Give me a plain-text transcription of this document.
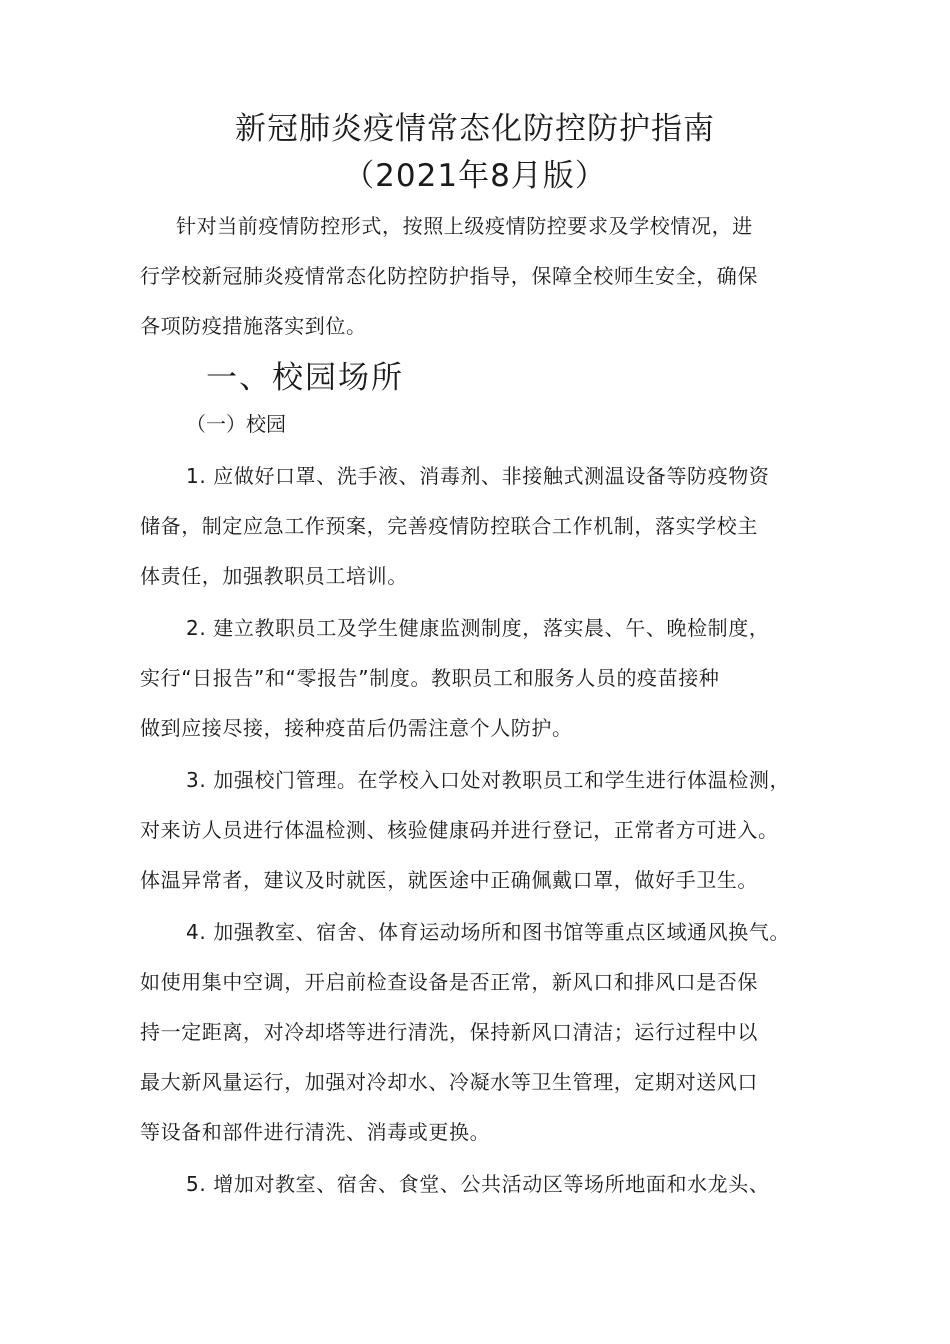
新冠肺炎疫情常态化防控防护指南
（2021年8月版）
针对当前疫情防控形式，按照上级疫情防控要求及学校情况，进
行学校新冠肺炎疫情常态化防控防护指导，保障全校师生安全，确保
各项防疫措施落实到位。
一、校园场所
（一）校园
1. 应做好口罩、洗手液、消毒剂、非接触式测温设备等防疫物资
储备，制定应急工作预案，完善疫情防控联合工作机制，落实学校主
体责任，加强教职员工培训。
2. 建立教职员工及学生健康监测制度，落实晨、午、晚检制度，
实行“日报告”和“零报告”制度。教职员工和服务人员的疫苗接种
做到应接尽接，接种疫苗后仍需注意个人防护。
3. 加强校门管理。在学校入口处对教职员工和学生进行体温检测，
对来访人员进行体温检测、核验健康码并进行登记，正常者方可进入。
体温异常者，建议及时就医，就医途中正确佩戴口罩，做好手卫生。
4. 加强教室、宿舍、体育运动场所和图书馆等重点区域通风换气。
如使用集中空调，开启前检查设备是否正常，新风口和排风口是否保
持一定距离，对冷却塔等进行清洗，保持新风口清洁；运行过程中以
最大新风量运行，加强对冷却水、冷凝水等卫生管理，定期对送风口
等设备和部件进行清洗、消毒或更换。
5. 增加对教室、宿舍、食堂、公共活动区等场所地面和水龙头、
